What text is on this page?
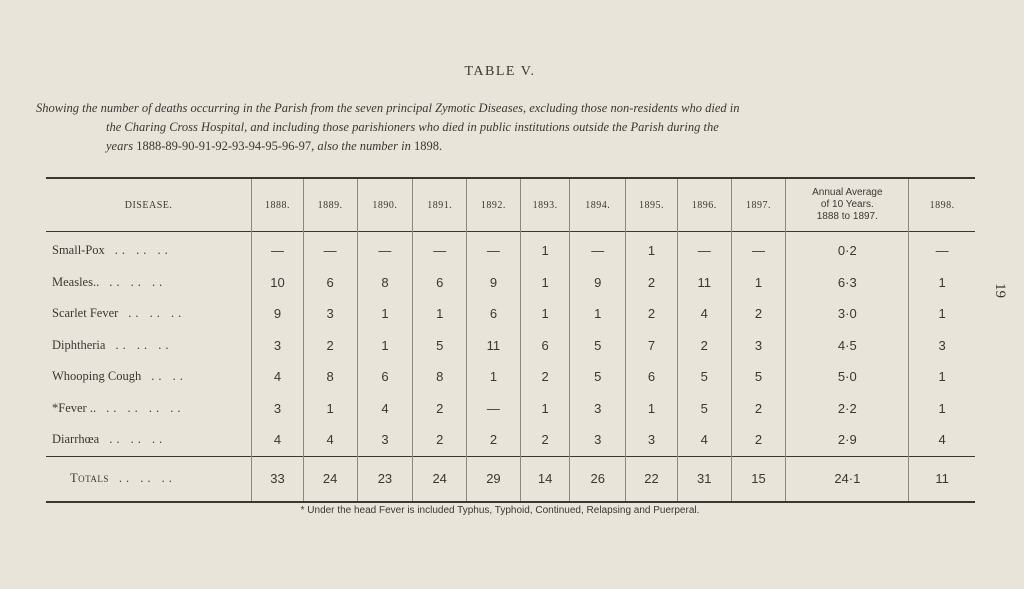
TABLE V.

Showing the number of deaths occurring in the Parish from the seven principal Zymotic Diseases, excluding those non-residents who died in

the Charing Cross Hospital, and including those parishioners who died in public institutions outside the Parish during the

years 1888-89-90-91-92-93-94-95-96-97, also the number in 1898.

19
DISEASE.	1888.	1889.	1890.	1891.	1892.	1893.	1894.	1895.	1896.	1897.	Annual Average
of 10 Years.
1888 to 1897.	1898.
Small-Pox .. .. ..	—	—	—	—	—	1	—	1	—	—	0·2	—
Measles.. .. .. ..	10	6	8	6	9	1	9	2	11	1	6·3	1
Scarlet Fever .. .. ..	9	3	1	1	6	1	1	2	4	2	3·0	1
Diphtheria .. .. ..	3	2	1	5	11	6	5	7	2	3	4·5	3
Whooping Cough .. ..	4	8	6	8	1	2	5	6	5	5	5·0	1
*Fever .. .. .. .. ..	3	1	4	2	—	1	3	1	5	2	2·2	1
Diarrhœa .. .. ..	4	4	3	2	2	2	3	3	4	2	2·9	4
Totals .. .. ..	33	24	23	24	29	14	26	22	31	15	24·1	11
* Under the head Fever is included Typhus, Typhoid, Continued, Relapsing and Puerperal.
